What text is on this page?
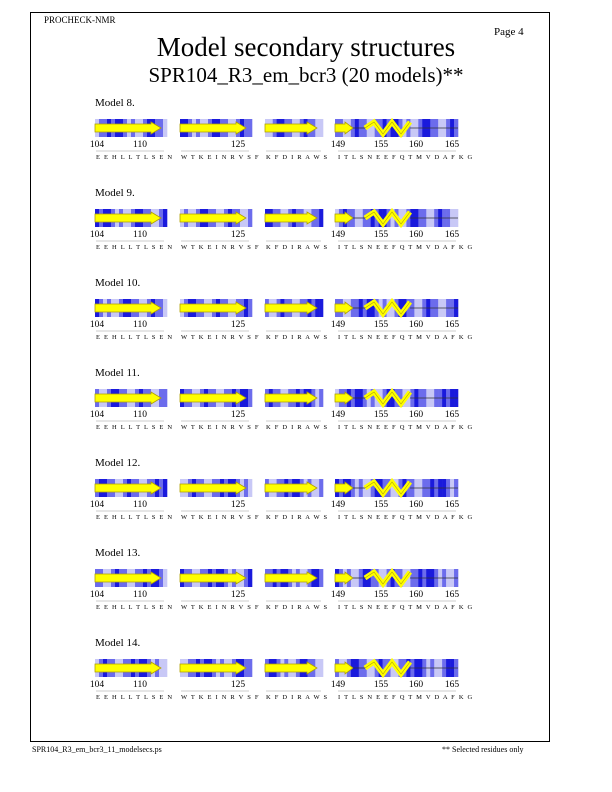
PROCHECK-NMR
Page 4
Model secondary structures
SPR104_R3_em_bcr3 (20 models)**
Model 8.
104	110
E E H L L T L S E N
125
W T K E I N R V S F K F D I R A W S
149	155 160 165
I T L S N E E F Q T M V D A F K G
Model 9.
104	110
E E H L L T L S E N
125
W T K E I N R V S F K F D I R A W S
149	155 160 165
I T L S N E E F Q T M V D A F K G
Model 10.
104	110
E E H L L T L S E N
125
W T K E I N R V S F K F D I R A W S
149	155 160 165
I T L S N E E F Q T M V D A F K G
Model 11.
104	110
E E H L L T L S E N
125
W T K E I N R V S F K F D I R A W S
149	155 160 165
I T L S N E E F Q T M V D A F K G
Model 12.
104	110
E E H L L T L S E N
125
W T K E I N R V S F K F D I R A W S
149	155 160 165
I T L S N E E F Q T M V D A F K G
Model 13.
104	110
E E H L L T L S E N
125
W T K E I N R V S F K F D I R A W S
149	155 160 165
I T L S N E E F Q T M V D A F K G
Model 14.
104	110
E E H L L T L S E N
125
W T K E I N R V S F K F D I R A W S
149	155 160 165
I T L S N E E F Q T M V D A F K G
SPR104_R3_em_bcr3_11_modelsecs.ps	** Selected residues only
